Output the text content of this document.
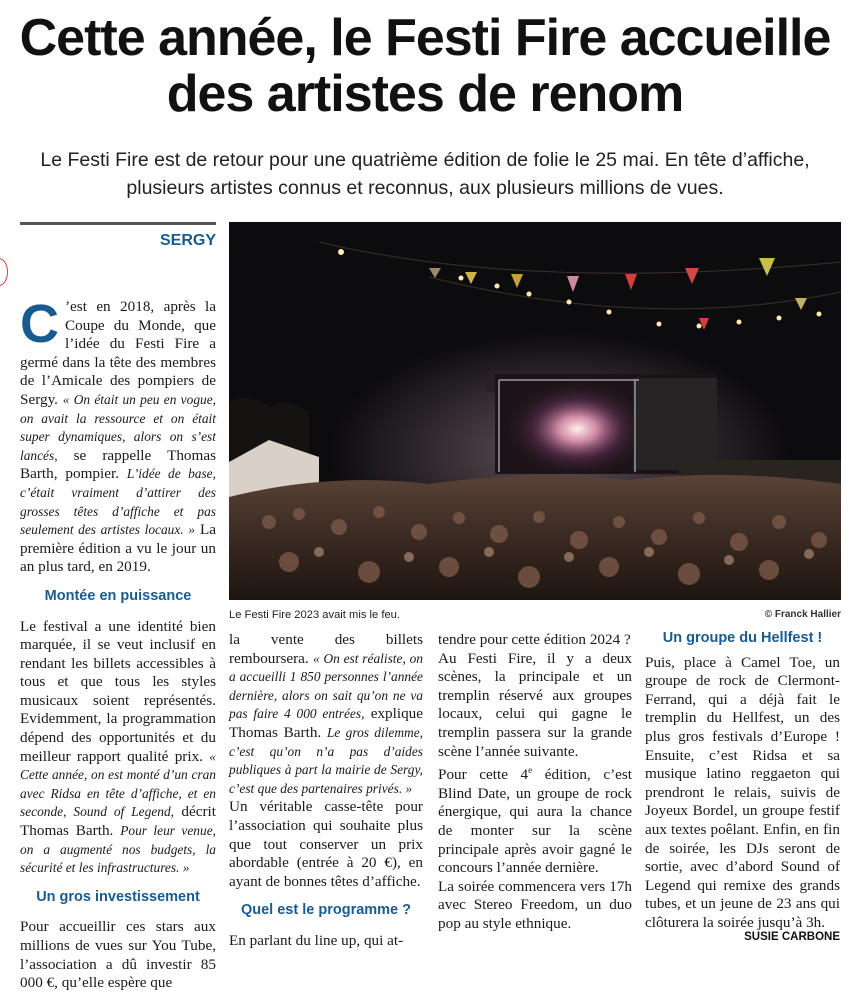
Cette année, le Festi Fire accueille
des artistes de renom
Le Festi Fire est de retour pour une quatrième édition de folie le 25 mai. En tête d’affiche,
plusieurs artistes connus et reconnus, aux plusieurs millions de vues.
SERGY

C ’est en 2018, après la Coupe du Monde, que l’idée du Festi Fire a germé dans la tête des membres de l’Amicale des pompiers de Sergy. « On était un peu en vogue, on avait la ressource et on était super dynamiques, alors on s’est lancés, se rappelle Thomas Barth, pompier. L’idée de base, c’était vraiment d’attirer des grosses têtes d’affiche et pas seulement des artistes locaux. » La première édition a vu le jour un an plus tard, en 2019.

Montée en puissance

Le festival a une identité bien marquée, il se veut inclusif en rendant les billets accessibles à tous et que tous les styles musicaux soient représentés. Evidemment, la programmation dépend des opportunités et du meilleur rapport qualité prix. « Cette année, on est monté d’un cran avec Ridsa en tête d’affiche, et en seconde, Sound of Legend, décrit Thomas Barth. Pour leur venue, on a augmenté nos budgets, la sécurité et les infrastructures. »

Un gros investissement

Pour accueillir ces stars aux millions de vues sur You Tube, l’association a dû investir 85 000 €, qu’elle espère que

Le Festi Fire 2023 avait mis le feu.	© Franck Hallier

la vente des billets remboursera. « On est réaliste, on a accueilli 1 850 personnes l’année dernière, alors on sait qu’on ne va pas faire 4 000 entrées, explique Thomas Barth. Le gros dilemme, c’est qu’on n’a pas d’aides publiques à part la mairie de Sergy, c’est que des partenaires privés. »

Un véritable casse-tête pour l’association qui souhaite plus que tout conserver un prix abordable (entrée à 20 €), en ayant de bonnes têtes d’affiche.

Quel est le programme ?

En parlant du line up, qui at-

tendre pour cette édition 2024 ?

Au Festi Fire, il y a deux scènes, la principale et un tremplin réservé aux groupes locaux, celui qui gagne le tremplin passera sur la grande scène l’année suivante.

Pour cette 4e édition, c’est Blind Date, un groupe de rock énergique, qui aura la chance de monter sur la scène principale après avoir gagné le concours l’année dernière.

La soirée commencera vers 17h avec Stereo Freedom, un duo pop au style ethnique.

Un groupe du Hellfest !

Puis, place à Camel Toe, un groupe de rock de Clermont-Ferrand, qui a déjà fait le tremplin du Hellfest, un des plus gros festivals d’Europe ! Ensuite, c’est Ridsa et sa musique latino reggaeton qui prendront le relais, suivis de Joyeux Bordel, un groupe festif aux textes poêlant. Enfin, en fin de soirée, les DJs seront de sortie, avec d’abord Sound of Legend qui remixe des grands tubes, et un jeune de 23 ans qui clôturera la soirée jusqu’à 3h.

SUSIE CARBONE
